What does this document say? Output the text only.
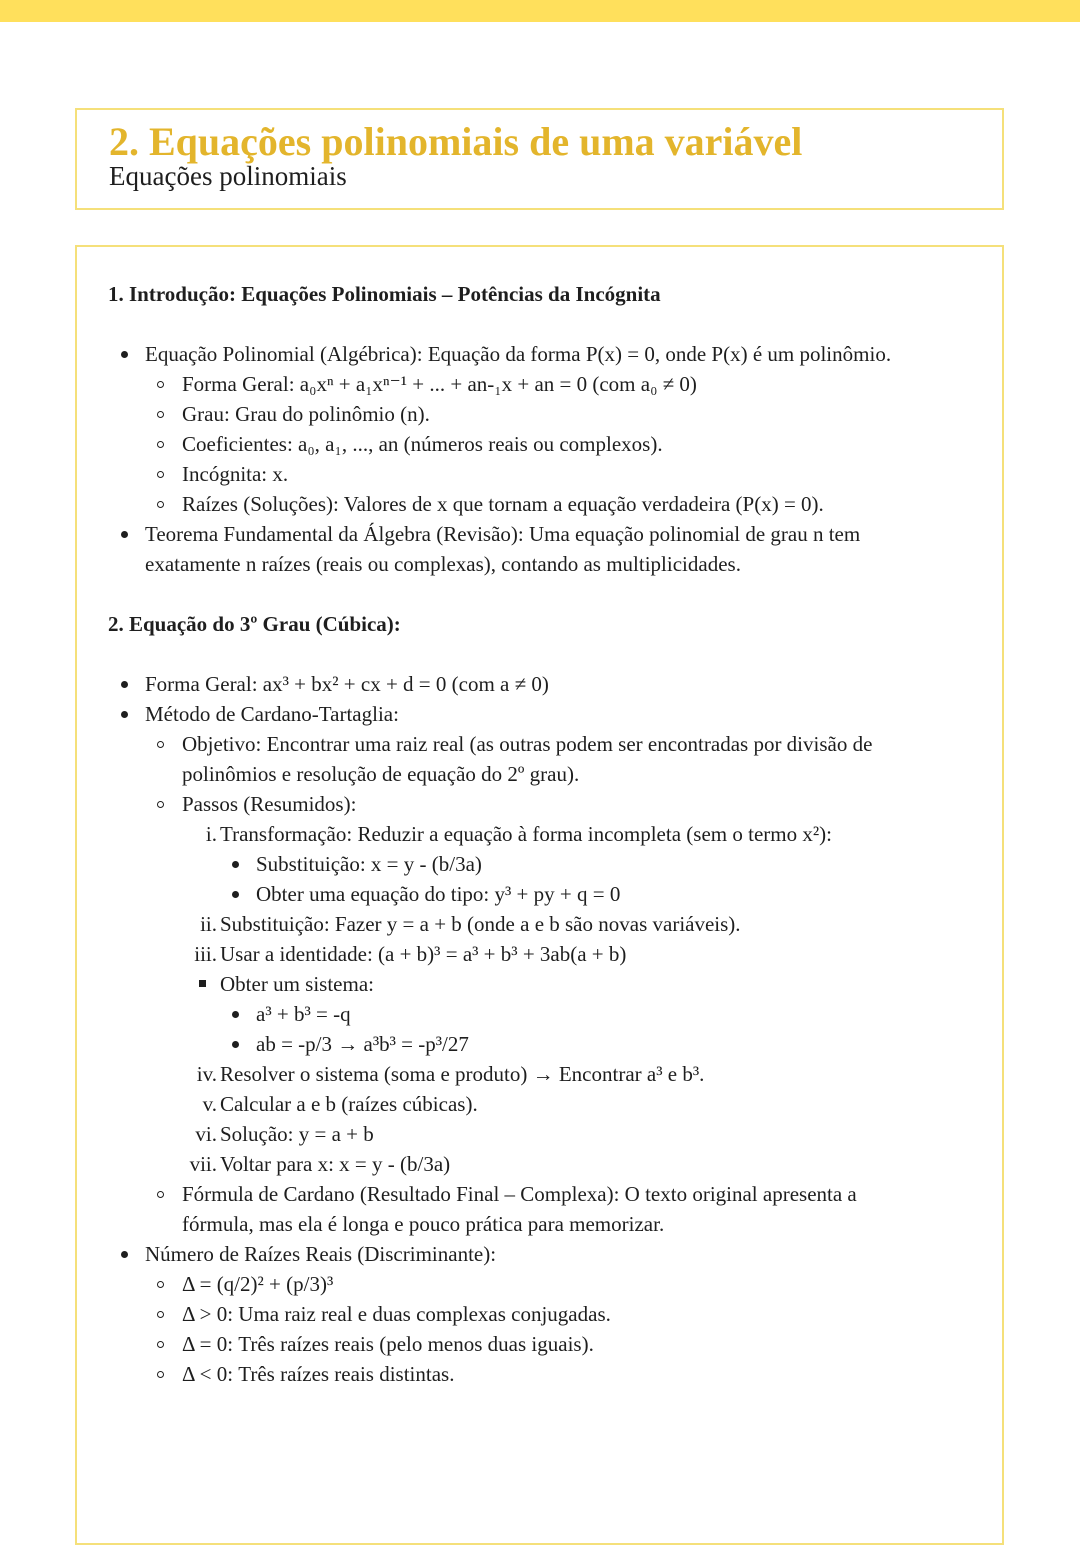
2. Equações polinomiais de uma variável
Equações polinomiais
1. Introdução: Equações Polinomiais – Potências da Incógnita
Equação Polinomial (Algébrica): Equação da forma P(x) = 0, onde P(x) é um polinômio.
Forma Geral: a₀xⁿ + a₁xⁿ⁻¹ + ... + an-₁x + an = 0 (com a₀ ≠ 0)
Grau: Grau do polinômio (n).
Coeficientes: a₀, a₁, ..., an (números reais ou complexos).
Incógnita: x.
Raízes (Soluções): Valores de x que tornam a equação verdadeira (P(x) = 0).
Teorema Fundamental da Álgebra (Revisão): Uma equação polinomial de grau n tem
exatamente n raízes (reais ou complexas), contando as multiplicidades.
2. Equação do 3º Grau (Cúbica):
Forma Geral: ax³ + bx² + cx + d = 0 (com a ≠ 0)
Método de Cardano-Tartaglia:
Objetivo: Encontrar uma raiz real (as outras podem ser encontradas por divisão de
polinômios e resolução de equação do 2º grau).
Passos (Resumidos):
i. Transformação: Reduzir a equação à forma incompleta (sem o termo x²):
Substituição: x = y - (b/3a)
Obter uma equação do tipo: y³ + py + q = 0
ii. Substituição: Fazer y = a + b (onde a e b são novas variáveis).
iii. Usar a identidade: (a + b)³ = a³ + b³ + 3ab(a + b)
Obter um sistema:
a³ + b³ = -q
ab = -p/3 → a³b³ = -p³/27
iv. Resolver o sistema (soma e produto) → Encontrar a³ e b³.
v. Calcular a e b (raízes cúbicas).
vi. Solução: y = a + b
vii. Voltar para x: x = y - (b/3a)
Fórmula de Cardano (Resultado Final – Complexa): O texto original apresenta a
fórmula, mas ela é longa e pouco prática para memorizar.
Número de Raízes Reais (Discriminante):
Δ = (q/2)² + (p/3)³
Δ > 0: Uma raiz real e duas complexas conjugadas.
Δ = 0: Três raízes reais (pelo menos duas iguais).
Δ < 0: Três raízes reais distintas.
